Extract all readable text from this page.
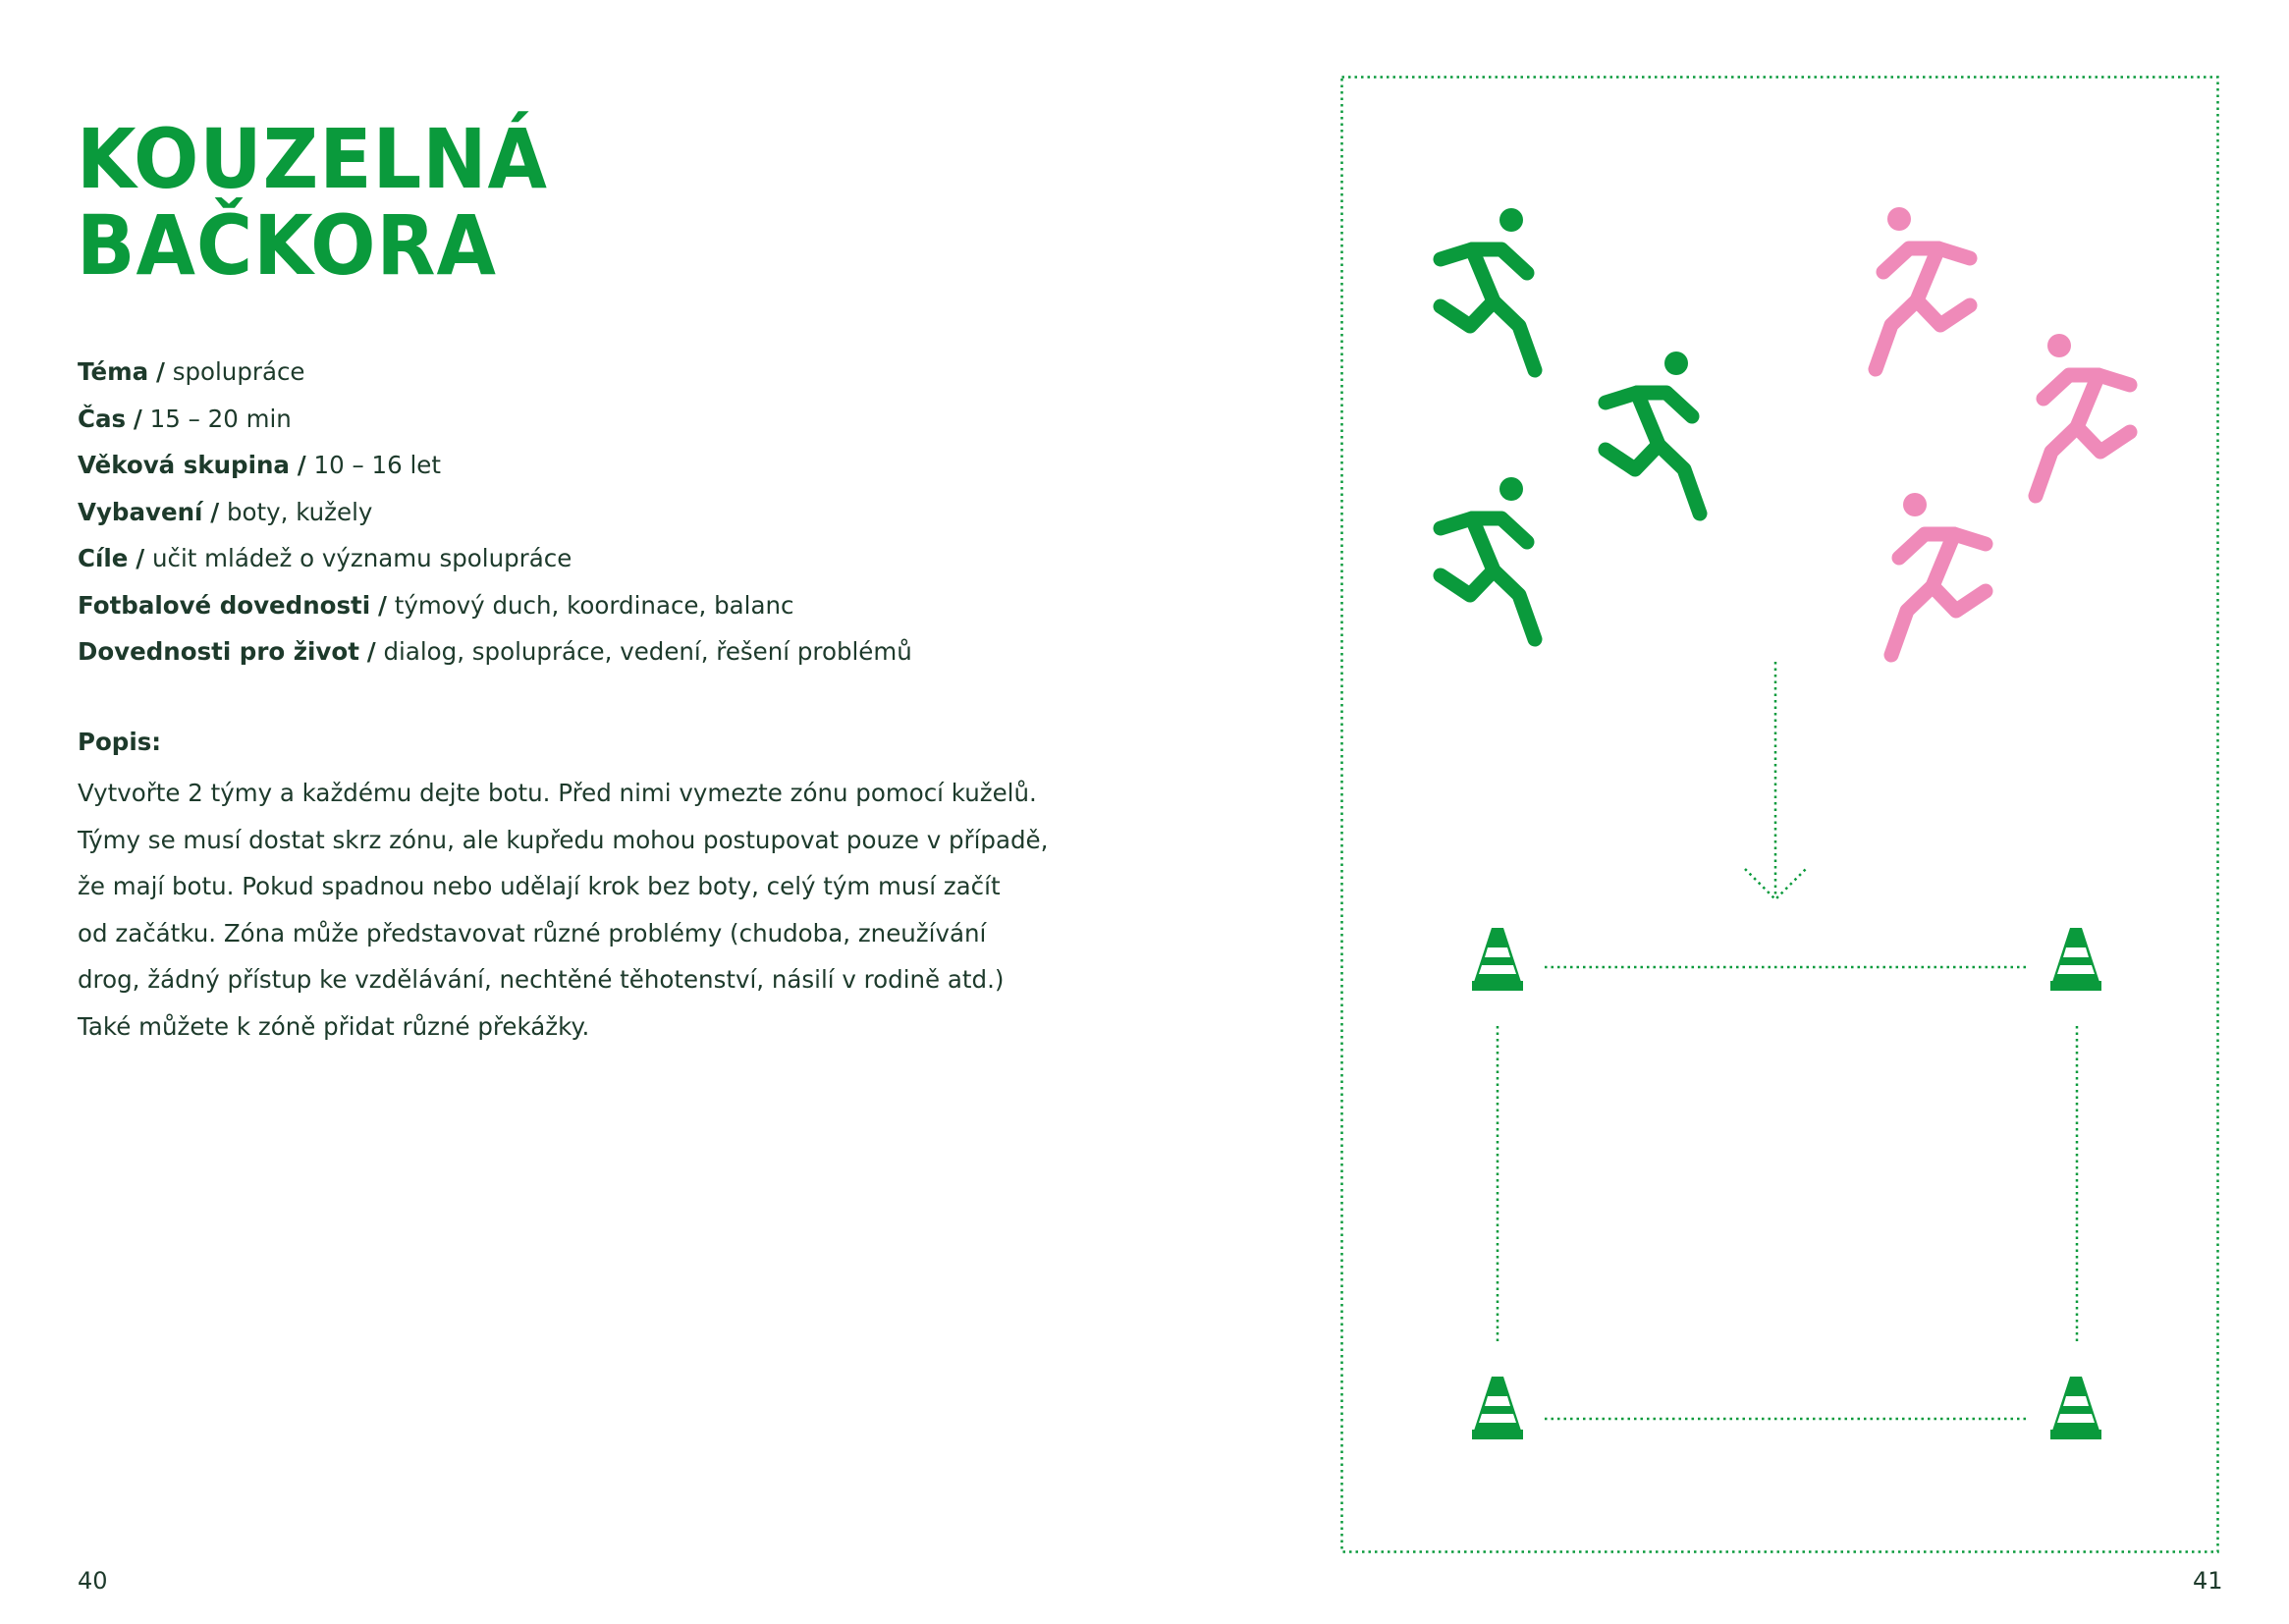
KOUZELNÁ
BAČKORA
Téma / spolupráce
Čas / 15 – 20 min
Věková skupina / 10 – 16 let
Vybavení / boty, kužely
Cíle / učit mládež o významu spolupráce
Fotbalové dovednosti / týmový duch, koordinace, balanc
Dovednosti pro život / dialog, spolupráce, vedení, řešení problémů

Popis:

Vytvořte 2 týmy a každému dejte botu. Před nimi vymezte zónu pomocí kuželů.
Týmy se musí dostat skrz zónu, ale kupředu mohou postupovat pouze v případě,
že mají botu. Pokud spadnou nebo udělají krok bez boty, celý tým musí začít
od začátku. Zóna může představovat různé problémy (chudoba, zneužívání
drog, žádný přístup ke vzdělávání, nechtěné těhotenství, násilí v rodině atd.)
Také můžete k zóně přidat různé překážky.
40	41
